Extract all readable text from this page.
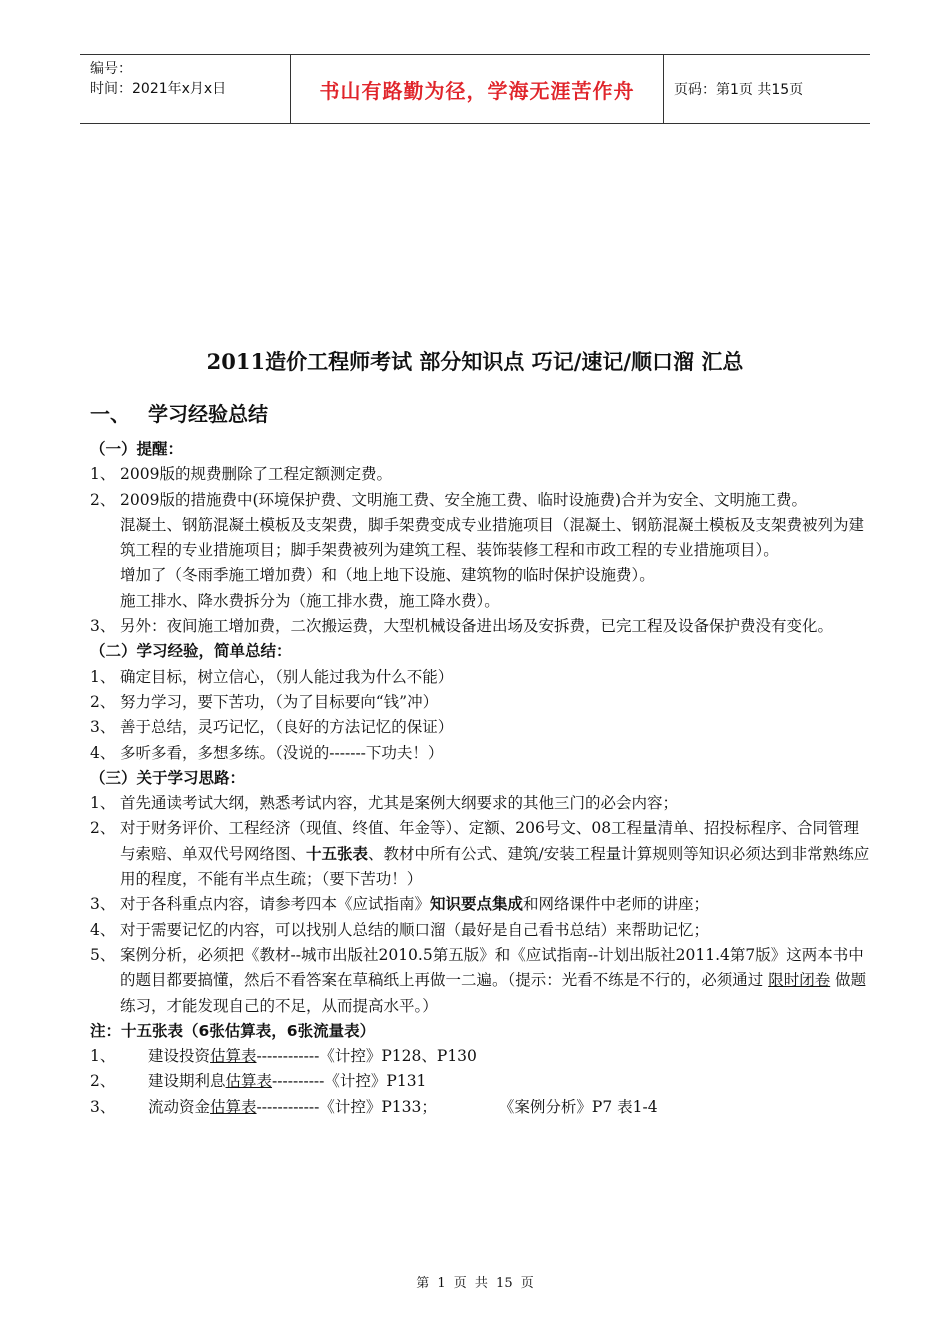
编号：
时间：2021年x月x日	书山有路勤为径，学海无涯苦作舟	页码：第1页 共15页
2011造价工程师考试 部分知识点 巧记/速记/顺口溜 汇总
一、 学习经验总结
（一）提醒：
1、 2009版的规费删除了工程定额测定费。
2、 2009版的措施费中(环境保护费、文明施工费、安全施工费、临时设施费)合并为安全、文明施工费。
混凝土、钢筋混凝土模板及支架费，脚手架费变成专业措施项目（混凝土、钢筋混凝土模板及支架费被列为建筑工程的专业措施项目；脚手架费被列为建筑工程、装饰装修工程和市政工程的专业措施项目）。
增加了（冬雨季施工增加费）和（地上地下设施、建筑物的临时保护设施费）。
施工排水、降水费拆分为（施工排水费，施工降水费）。
3、 另外：夜间施工增加费，二次搬运费，大型机械设备进出场及安拆费，已完工程及设备保护费没有变化。
（二）学习经验，简单总结：
1、 确定目标，树立信心，（别人能过我为什么不能）
2、 努力学习，要下苦功，（为了目标要向“钱”冲）
3、 善于总结，灵巧记忆，（良好的方法记忆的保证）
4、 多听多看，多想多练。（没说的-------下功夫！）
（三）关于学习思路：
1、 首先通读考试大纲，熟悉考试内容，尤其是案例大纲要求的其他三门的必会内容；
2、 对于财务评价、工程经济（现值、终值、年金等）、定额、206号文、08工程量清单、招投标程序、合同管理与索赔、单双代号网络图、十五张表、教材中所有公式、建筑/安装工程量计算规则等知识必须达到非常熟练应用的程度，不能有半点生疏；（要下苦功！）
3、 对于各科重点内容，请参考四本《应试指南》知识要点集成和网络课件中老师的讲座；
4、 对于需要记忆的内容，可以找别人总结的顺口溜（最好是自己看书总结）来帮助记忆；
5、 案例分析，必须把《教材--城市出版社2010.5第五版》和《应试指南--计划出版社2011.4第7版》这两本书中的题目都要搞懂，然后不看答案在草稿纸上再做一二遍。（提示：光看不练是不行的，必须通过 限时闭卷 做题练习，才能发现自己的不足，从而提高水平。）
注：十五张表（6张估算表，6张流量表）
1、 建设投资估算表------------《计控》P128、P130
2、 建设期利息估算表----------《计控》P131
3、 流动资金估算表------------《计控》P133；	《案例分析》P7 表1-4
第 1 页 共 15 页
